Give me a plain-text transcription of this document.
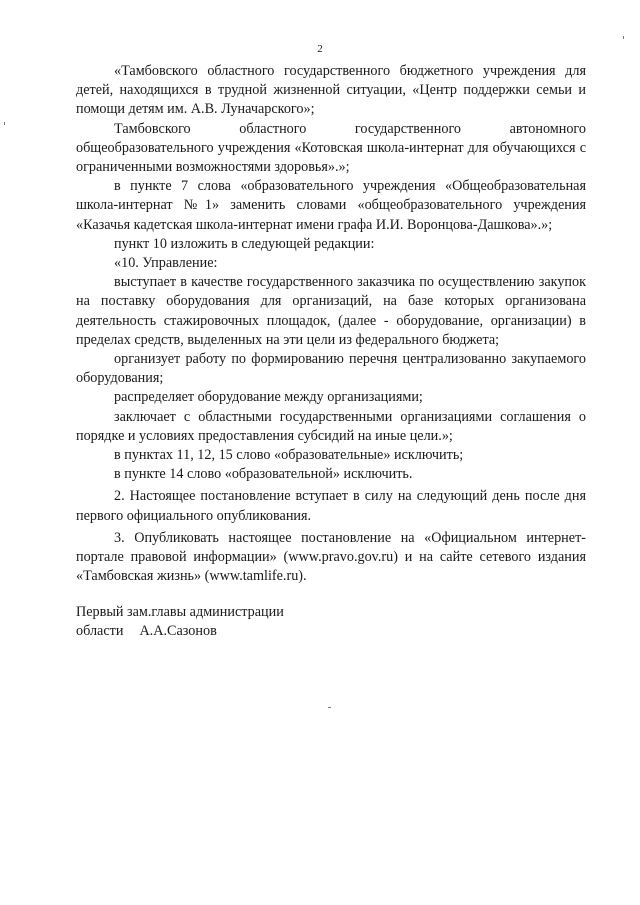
2

«Тамбовского областного государственного бюджетного учреждения для детей, находящихся в трудной жизненной ситуации, «Центр поддержки семьи и помощи детям им. А.В. Луначарского»;

Тамбовского областного государственного автономного общеобразовательного учреждения «Котовская школа-интернат для обучающихся с ограниченными возможностями здоровья».»;

в пункте 7 слова «образовательного учреждения «Общеобразовательная школа-интернат №1» заменить словами «общеобразовательного учреждения «Казачья кадетская школа-интернат имени графа И.И. Воронцова-Дашкова».»;

пункт 10 изложить в следующей редакции:

«10. Управление:

выступает в качестве государственного заказчика по осуществлению закупок на поставку оборудования для организаций, на базе которых организована деятельность стажировочных площадок, (далее - оборудование, организации) в пределах средств, выделенных на эти цели из федерального бюджета;

организует работу по формированию перечня централизованно закупаемого оборудования;

распределяет оборудование между организациями;

заключает с областными государственными организациями соглашения о порядке и условиях предоставления субсидий на иные цели.»;

в пунктах 11, 12, 15 слово «образовательные» исключить;

в пункте 14 слово «образовательной» исключить.

2. Настоящее постановление вступает в силу на следующий день после дня первого официального опубликования.

3. Опубликовать настоящее постановление на «Официальном интернет-портале правовой информации» (www.pravo.gov.ru) и на сайте сетевого издания «Тамбовская жизнь» (www.tamlife.ru).

Первый зам.главы администрации
области А.А.Сазонов
